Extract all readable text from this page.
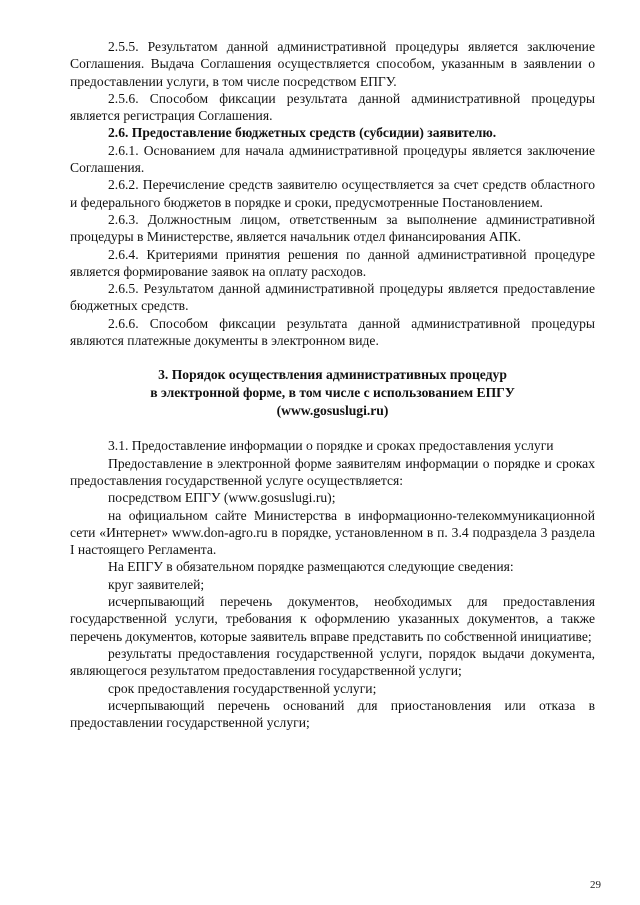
2.5.5. Результатом данной административной процедуры является заключение Соглашения. Выдача Соглашения осуществляется способом, указанным в заявлении о предоставлении услуги, в том числе посредством ЕПГУ.

2.5.6. Способом фиксации результата данной административной процедуры является регистрация Соглашения.

2.6. Предоставление бюджетных средств (субсидии) заявителю.

2.6.1. Основанием для начала административной процедуры является заключение Соглашения.

2.6.2. Перечисление средств заявителю осуществляется за счет средств областного и федерального бюджетов в порядке и сроки, предусмотренные Постановлением.

2.6.3. Должностным лицом, ответственным за выполнение административной процедуры в Министерстве, является начальник отдел финансирования АПК.

2.6.4. Критериями принятия решения по данной административной процедуре является формирование заявок на оплату расходов.

2.6.5. Результатом данной административной процедуры является предоставление бюджетных средств.

2.6.6. Способом фиксации результата данной административной процедуры являются платежные документы в электронном виде.

3. Порядок осуществления административных процедур
в электронной форме, в том числе с использованием ЕПГУ
(www.gosuslugi.ru)

3.1. Предоставление информации о порядке и сроках предоставления услуги

Предоставление в электронной форме заявителям информации о порядке и сроках предоставления государственной услуге осуществляется:

посредством ЕПГУ (www.gosuslugi.ru);

на официальном сайте Министерства в информационно-телекоммуникационной сети «Интернет» www.don-agro.ru в порядке, установленном в п. 3.4 подраздела 3 раздела I настоящего Регламента.

На ЕПГУ в обязательном порядке размещаются следующие сведения:

круг заявителей;

исчерпывающий перечень документов, необходимых для предоставления государственной услуги, требования к оформлению указанных документов, а также перечень документов, которые заявитель вправе представить по собственной инициативе;

результаты предоставления государственной услуги, порядок выдачи документа, являющегося результатом предоставления государственной услуги;

срок предоставления государственной услуги;

исчерпывающий перечень оснований для приостановления или отказа в предоставлении государственной услуги;

29
